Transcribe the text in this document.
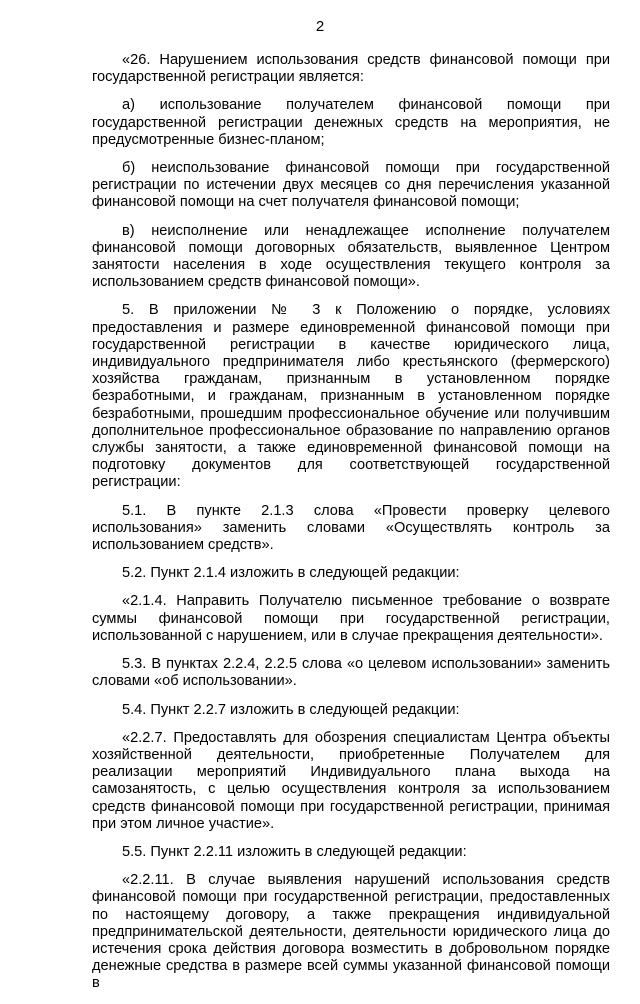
2

«26. Нарушением использования средств финансовой помощи при государственной регистрации является:

а) использование получателем финансовой помощи при государственной регистрации денежных средств на мероприятия, не предусмотренные бизнес-планом;

б) неиспользование финансовой помощи при государственной регистрации по истечении двух месяцев со дня перечисления указанной финансовой помощи на счет получателя финансовой помощи;

в) неисполнение или ненадлежащее исполнение получателем финансовой помощи договорных обязательств, выявленное Центром занятости населения в ходе осуществления текущего контроля за использованием средств финансовой помощи».

5. В приложении № 3 к Положению о порядке, условиях предоставления и размере единовременной финансовой помощи при государственной регистрации в качестве юридического лица, индивидуального предпринимателя либо крестьянского (фермерского) хозяйства гражданам, признанным в установленном порядке безработными, и гражданам, признанным в установленном порядке безработными, прошедшим профессиональное обучение или получившим дополнительное профессиональное образование по направлению органов службы занятости, а также единовременной финансовой помощи на подготовку документов для соответствующей государственной регистрации:

5.1. В пункте 2.1.3 слова «Провести проверку целевого использования» заменить словами «Осуществлять контроль за использованием средств».

5.2. Пункт 2.1.4 изложить в следующей редакции:

«2.1.4. Направить Получателю письменное требование о возврате суммы финансовой помощи при государственной регистрации, использованной с нарушением, или в случае прекращения деятельности».

5.3. В пунктах 2.2.4, 2.2.5 слова «о целевом использовании» заменить словами «об использовании».

5.4. Пункт 2.2.7 изложить в следующей редакции:

«2.2.7. Предоставлять для обозрения специалистам Центра объекты хозяйственной деятельности, приобретенные Получателем для реализации мероприятий Индивидуального плана выхода на самозанятость, с целью осуществления контроля за использованием средств финансовой помощи при государственной регистрации, принимая при этом личное участие».

5.5. Пункт 2.2.11 изложить в следующей редакции:

«2.2.11. В случае выявления нарушений использования средств финансовой помощи при государственной регистрации, предоставленных по настоящему договору, а также прекращения индивидуальной предпринимательской деятельности, деятельности юридического лица до истечения срока действия договора возместить в добровольном порядке денежные средства в размере всей суммы указанной финансовой помощи в
